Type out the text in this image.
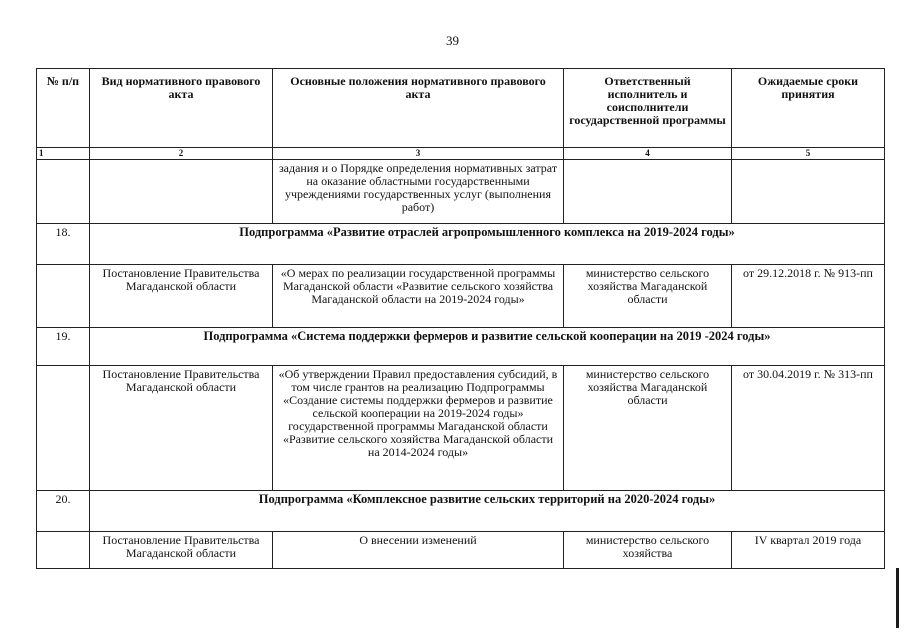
39
№ п/п	Вид нормативного правового акта	Основные положения нормативного правового акта	Ответственный исполнитель и соисполнители государственной программы	Ожидаемые сроки принятия
1	2	3	4	5
		задания и о Порядке определения нормативных затрат на оказание областными государственными учреждениями государственных услуг (выполнения работ)		
18.	Подпрограмма «Развитие отраслей агропромышленного комплекса на 2019-2024 годы»			
	Постановление Правительства Магаданской области	«О мерах по реализации государственной программы Магаданской области «Развитие сельского хозяйства Магаданской области на 2019-2024 годы»	министерство сельского хозяйства Магаданской области	от 29.12.2018 г. № 913-пп
19.	Подпрограмма «Система поддержки фермеров и развитие сельской кооперации на 2019 -2024 годы»			
	Постановление Правительства Магаданской области	«Об утверждении Правил предоставления субсидий, в том числе грантов на реализацию Подпрограммы «Создание системы поддержки фермеров и развитие сельской кооперации на 2019-2024 годы» государственной программы Магаданской области «Развитие сельского хозяйства Магаданской области на 2014-2024 годы»	министерство сельского хозяйства Магаданской области	от 30.04.2019 г. № 313-пп
20.	Подпрограмма «Комплексное развитие сельских территорий на 2020-2024 годы»			
	Постановление Правительства Магаданской области	О внесении изменений	министерство сельского хозяйства	IV квартал 2019 года
